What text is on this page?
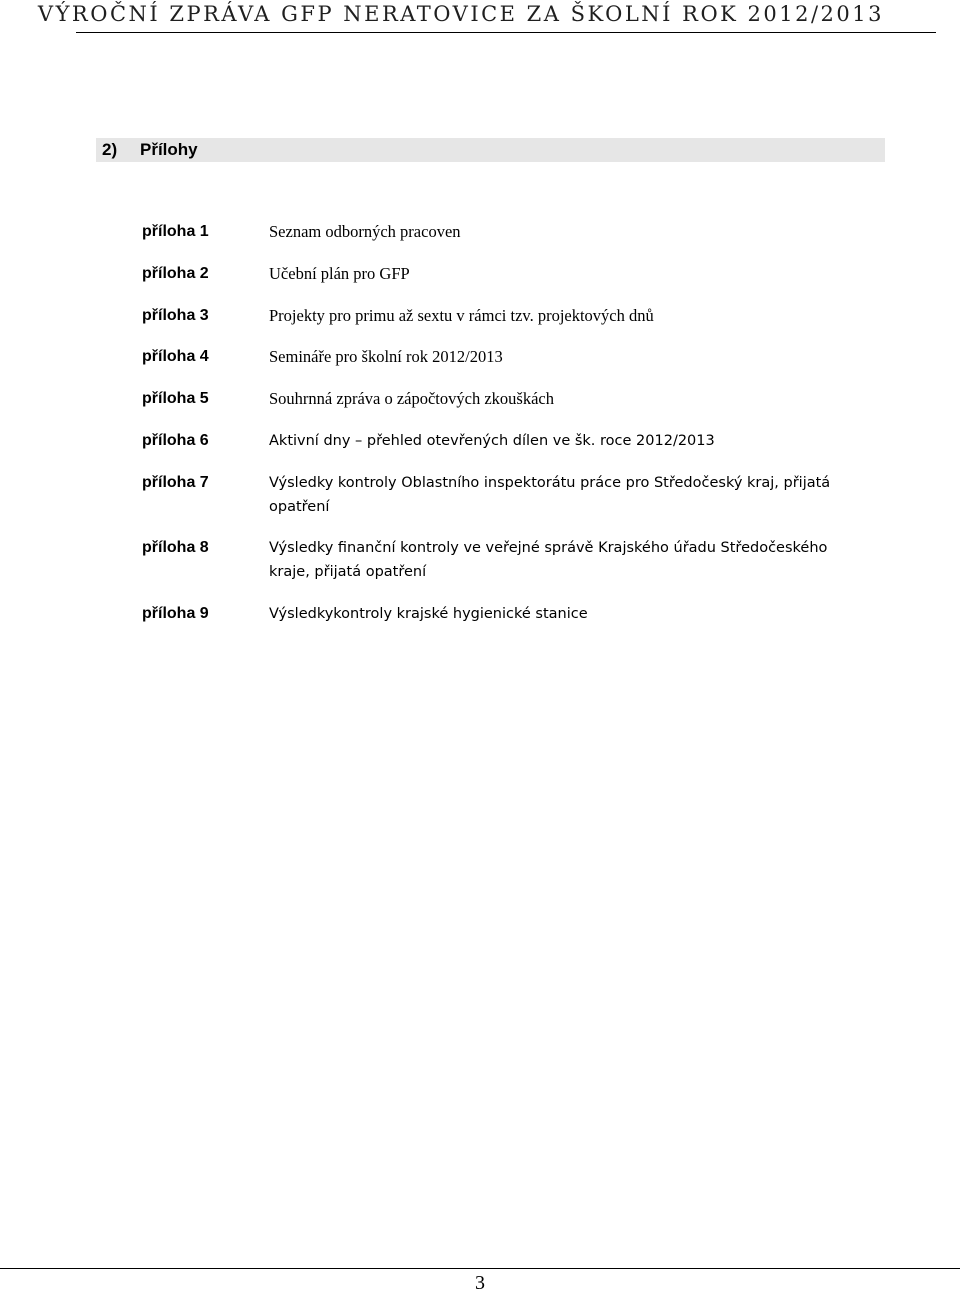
VÝROČNÍ ZPRÁVA GFP NERATOVICE ZA ŠKOLNÍ ROK 2012/2013
2) Přílohy
příloha 1	Seznam odborných pracoven
příloha 2	Učební plán pro GFP
příloha 3	Projekty pro primu až sextu v rámci tzv. projektových dnů
příloha 4	Semináře pro školní rok 2012/2013
příloha 5	Souhrnná zpráva o zápočtových zkouškách
příloha 6	Aktivní dny – přehled otevřených dílen ve šk. roce 2012/2013
příloha 7	Výsledky kontroly Oblastního inspektorátu práce pro Středočeský kraj, přijatá opatření
příloha 8	Výsledky finanční kontroly ve veřejné správě Krajského úřadu Středočeského kraje, přijatá opatření
příloha 9	Výsledkykontroly krajské hygienické stanice
3
